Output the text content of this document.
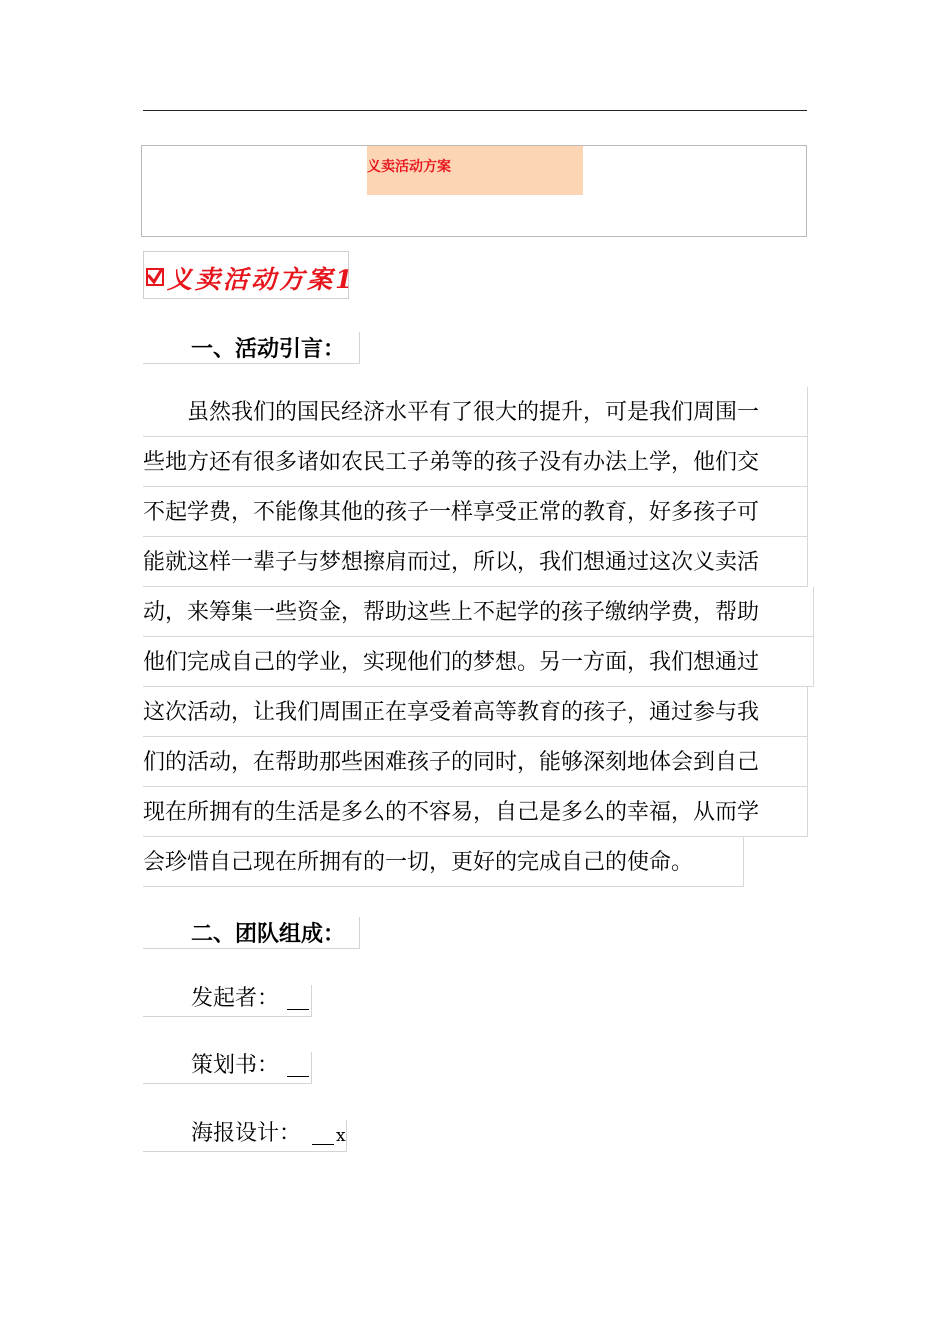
义卖活动方案
义卖活动方案1
一、活动引言：
　　虽然我们的国民经济水平有了很大的提升，可是我们周围一
些地方还有很多诸如农民工子弟等的孩子没有办法上学，他们交
不起学费，不能像其他的孩子一样享受正常的教育，好多孩子可
能就这样一辈子与梦想擦肩而过，所以，我们想通过这次义卖活
动，来筹集一些资金，帮助这些上不起学的孩子缴纳学费，帮助
他们完成自己的学业，实现他们的梦想。另一方面，我们想通过
这次活动，让我们周围正在享受着高等教育的孩子，通过参与我
们的活动，在帮助那些困难孩子的同时，能够深刻地体会到自己
现在所拥有的生活是多么的不容易，自己是多么的幸福，从而学
会珍惜自己现在所拥有的一切，更好的完成自己的使命。
二、团队组成：
发起者：
策划书：
海报设计： x
